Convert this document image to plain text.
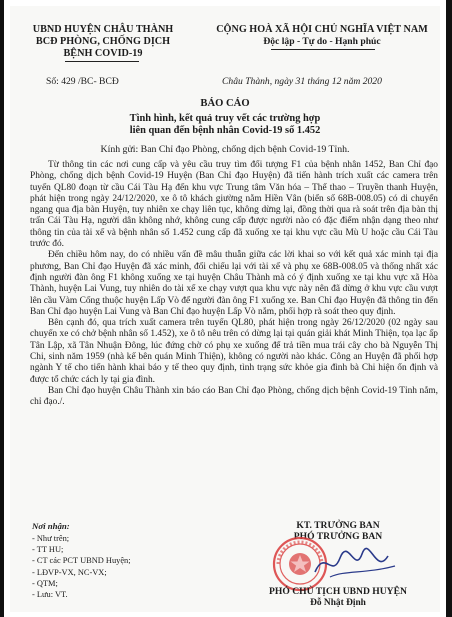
UBND HUYỆN CHÂU THÀNH
BCĐ PHÒNG, CHỐNG DỊCH
BỆNH COVID-19
CỘNG HOÀ XÃ HỘI CHỦ NGHĨA VIỆT NAM
Độc lập - Tự do - Hạnh phúc
Số: 429 /BC- BCĐ	Châu Thành, ngày 31 tháng 12 năm 2020
BÁO CÁO
Tình hình, kết quả truy vết các trường hợp
liên quan đến bệnh nhân Covid-19 số 1.452
Kính gửi: Ban Chỉ đạo Phòng, chống dịch bệnh Covid-19 Tỉnh.

Từ thông tin các nơi cung cấp và yêu cầu truy tìm đối tượng F1 của bệnh nhân 1452, Ban Chỉ đạo Phòng, chống dịch bệnh Covid-19 Huyện (Ban Chỉ đạo Huyện) đã tiến hành trích xuất các camera trên tuyến QL80 đoạn từ cầu Cái Tàu Hạ đến khu vực Trung tâm Văn hóa – Thể thao – Truyền thanh Huyện, phát hiện trong ngày 24/12/2020, xe ô tô khách giường nằm Hiền Vân (biển số 68B-008.05) có di chuyển ngang qua địa bàn Huyện, tuy nhiên xe chạy liên tục, không dừng lại, đồng thời qua rà soát trên địa bàn thị trấn Cái Tàu Hạ, người dân không nhớ, không cung cấp được người nào có đặc điểm nhận dạng theo như thông tin của tài xế và bệnh nhân số 1.452 cung cấp đã xuống xe tại khu vực cầu Mù U hoặc cầu Cái Tàu trước đó.

Đến chiều hôm nay, do có nhiều vấn đề mâu thuẫn giữa các lời khai so với kết quả xác minh tại địa phương, Ban Chỉ đạo Huyện đã xác minh, đối chiếu lại với tài xế và phụ xe 68B-008.05 và thống nhất xác định người đàn ông F1 không xuống xe tại huyện Châu Thành mà có ý định xuống xe tại khu vực xã Hòa Thành, huyện Lai Vung, tuy nhiên do tài xế xe chạy vượt qua khu vực này nên đã dừng ở khu vực cầu vượt lên cầu Vàm Cống thuộc huyện Lấp Vò để người đàn ông F1 xuống xe. Ban Chỉ đạo Huyện đã thông tin đến Ban Chỉ đạo huyện Lai Vung và Ban Chỉ đạo huyện Lấp Vò nắm, phối hợp rà soát theo quy định.

Bên cạnh đó, qua trích xuất camera trên tuyến QL80, phát hiện trong ngày 26/12/2020 (02 ngày sau chuyến xe có chở bệnh nhân số 1.452), xe ô tô nêu trên có dừng lại tại quán giải khát Minh Thiện, tọa lạc ấp Tân Lập, xã Tân Nhuận Đông, lúc đứng chờ có phụ xe xuống để trả tiền mua trái cây cho bà Nguyễn Thị Chi, sinh năm 1959 (nhà kế bên quán Minh Thiện), không có người nào khác. Công an Huyện đã phối hợp ngành Y tế cho tiến hành khai báo y tế theo quy định, tình trạng sức khỏe gia đình bà Chi hiện ổn định và được tổ chức cách ly tại gia đình.

Ban Chỉ đạo huyện Châu Thành xin báo cáo Ban Chỉ đạo Phòng, chống dịch bệnh Covid-19 Tỉnh nắm, chỉ đạo./.

Nơi nhận:
- Như trên;
- TT HU;
- CT các PCT UBND Huyện;
- LĐVP-VX, NC-VX;
- QTM;
- Lưu: VT.
KT. TRƯỞNG BAN
PHÓ TRƯỞNG BAN
PHÓ CHỦ TỊCH UBND HUYỆN
Đỗ Nhật Định
